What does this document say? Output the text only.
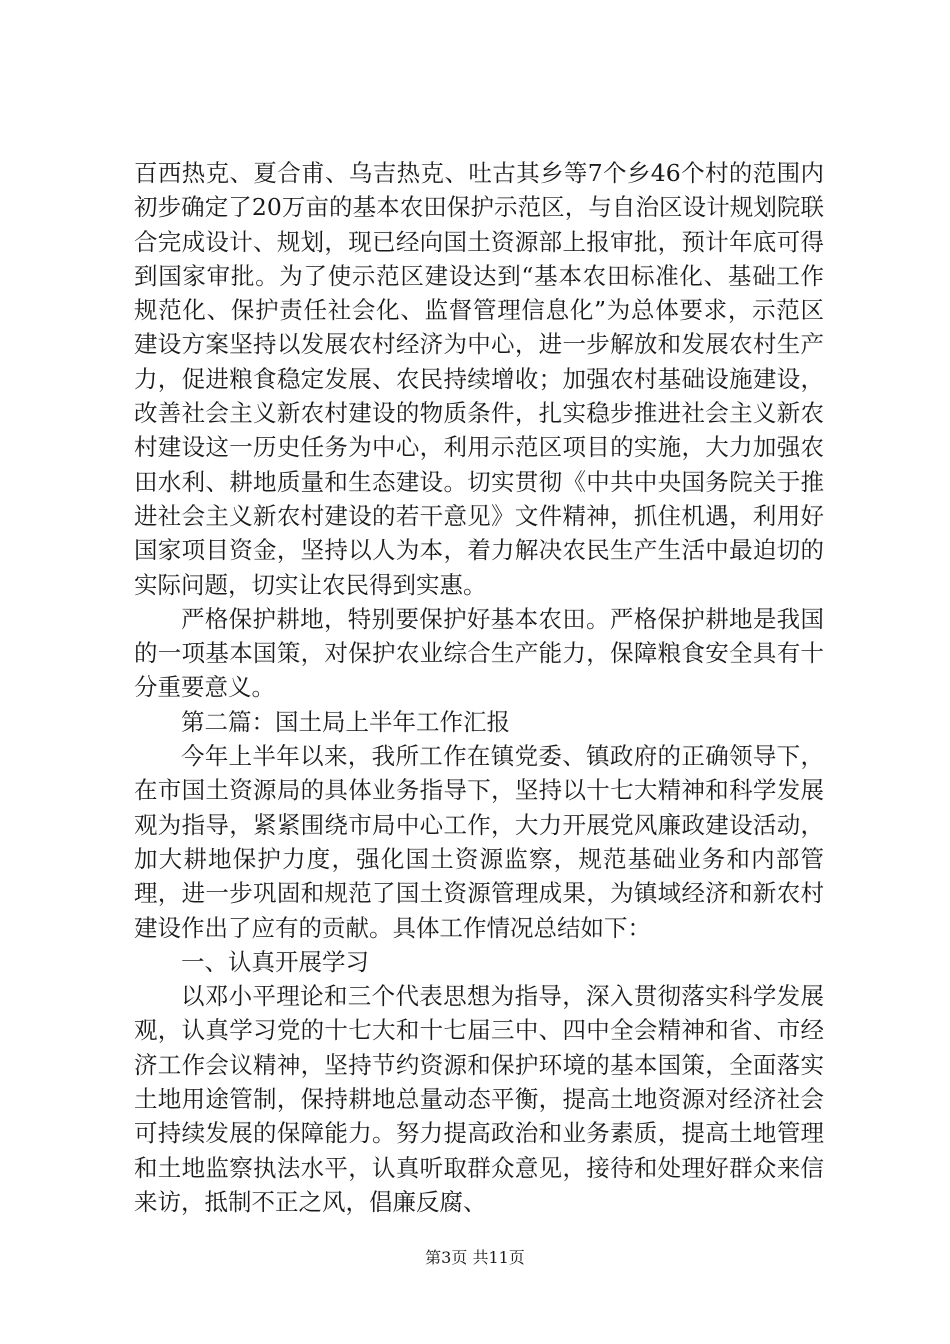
百西热克、夏合甫、乌吉热克、吐古其乡等7个乡46个村的范围内初步确定了20万亩的基本农田保护示范区，与自治区设计规划院联合完成设计、规划，现已经向国土资源部上报审批，预计年底可得到国家审批。为了使示范区建设达到“基本农田标准化、基础工作规范化、保护责任社会化、监督管理信息化”为总体要求，示范区建设方案坚持以发展农村经济为中心，进一步解放和发展农村生产力，促进粮食稳定发展、农民持续增收；加强农村基础设施建设，改善社会主义新农村建设的物质条件，扎实稳步推进社会主义新农村建设这一历史任务为中心，利用示范区项目的实施，大力加强农田水利、耕地质量和生态建设。切实贯彻《中共中央国务院关于推进社会主义新农村建设的若干意见》文件精神，抓住机遇，利用好国家项目资金，坚持以人为本，着力解决农民生产生活中最迫切的实际问题，切实让农民得到实惠。

严格保护耕地，特别要保护好基本农田。严格保护耕地是我国的一项基本国策，对保护农业综合生产能力，保障粮食安全具有十分重要意义。

第二篇：国土局上半年工作汇报

今年上半年以来，我所工作在镇党委、镇政府的正确领导下，在市国土资源局的具体业务指导下，坚持以十七大精神和科学发展观为指导，紧紧围绕市局中心工作，大力开展党风廉政建设活动，加大耕地保护力度，强化国土资源监察，规范基础业务和内部管理，进一步巩固和规范了国土资源管理成果，为镇域经济和新农村建设作出了应有的贡献。具体工作情况总结如下：

一、认真开展学习

以邓小平理论和三个代表思想为指导，深入贯彻落实科学发展观，认真学习党的十七大和十七届三中、四中全会精神和省、市经济工作会议精神，坚持节约资源和保护环境的基本国策，全面落实土地用途管制，保持耕地总量动态平衡，提高土地资源对经济社会可持续发展的保障能力。努力提高政治和业务素质，提高土地管理和土地监察执法水平，认真听取群众意见，接待和处理好群众来信来访，抵制不正之风，倡廉反腐、

第3页 共11页
